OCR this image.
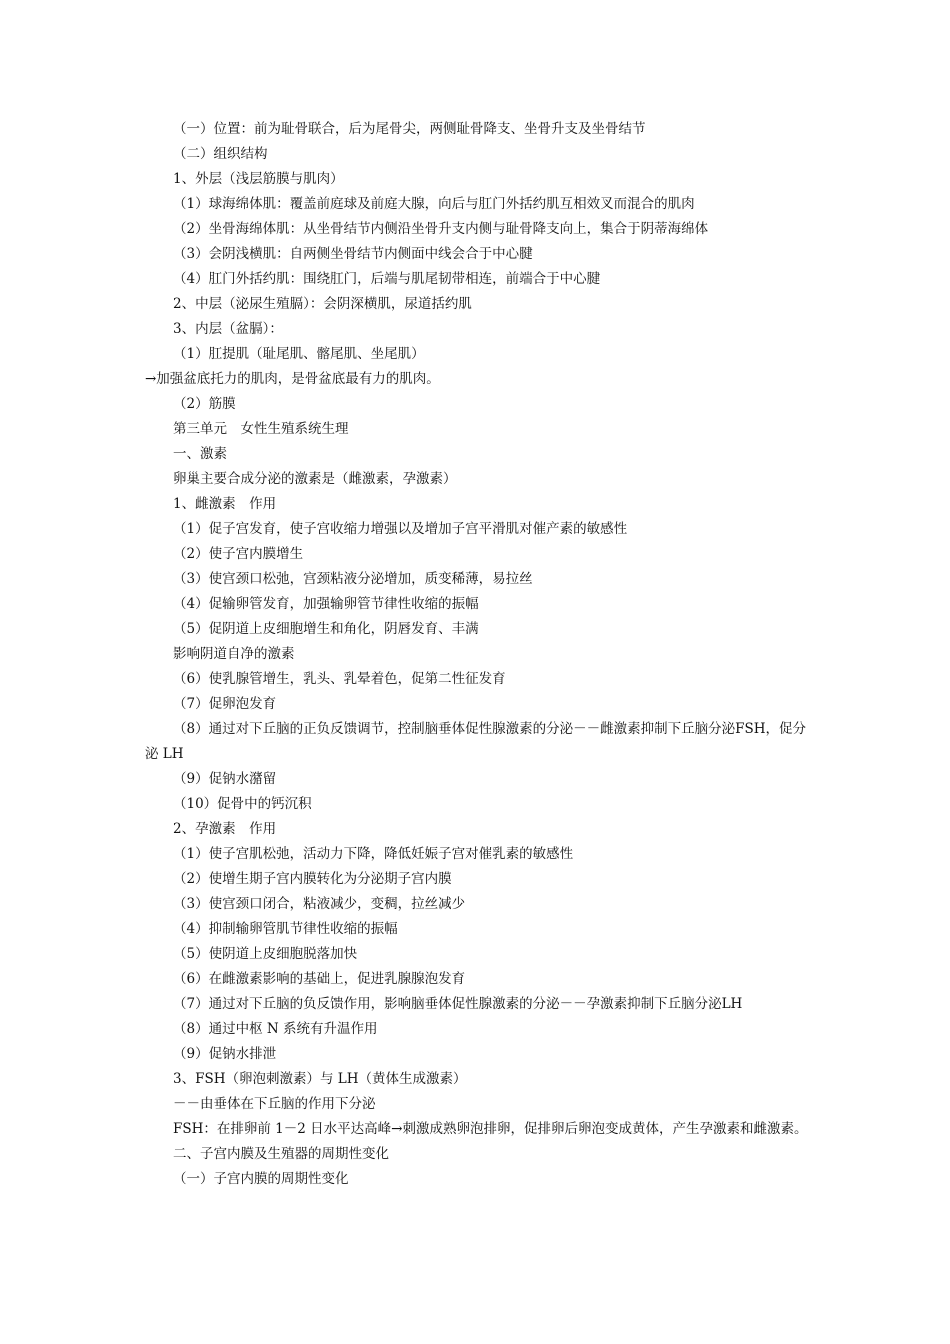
（一）位置：前为耻骨联合，后为尾骨尖，两侧耻骨降支、坐骨升支及坐骨结节
（二）组织结构
1、外层（浅层筋膜与肌肉）
（1）球海绵体肌：覆盖前庭球及前庭大腺，向后与肛门外括约肌互相效叉而混合的肌肉
（2）坐骨海绵体肌：从坐骨结节内侧沿坐骨升支内侧与耻骨降支向上，集合于阴蒂海绵体
（3）会阴浅横肌：自两侧坐骨结节内侧面中线会合于中心腱
（4）肛门外括约肌：围绕肛门，后端与肌尾韧带相连，前端合于中心腱
2、中层（泌尿生殖膈）：会阴深横肌，尿道括约肌
3、内层（盆膈）：
（1）肛提肌（耻尾肌、髂尾肌、坐尾肌）
→加强盆底托力的肌肉，是骨盆底最有力的肌肉。
（2）筋膜
第三单元　女性生殖系统生理
一、激素
卵巢主要合成分泌的激素是（雌激素，孕激素）
1、雌激素　作用
（1）促子宫发育，使子宫收缩力增强以及增加子宫平滑肌对催产素的敏感性
（2）使子宫内膜增生
（3）使宫颈口松弛，宫颈粘液分泌增加，质变稀薄，易拉丝
（4）促输卵管发育，加强输卵管节律性收缩的振幅
（5）促阴道上皮细胞增生和角化，阴唇发育、丰满
影响阴道自净的激素
（6）使乳腺管增生，乳头、乳晕着色，促第二性征发育
（7）促卵泡发育
（8）通过对下丘脑的正负反馈调节，控制脑垂体促性腺激素的分泌－－雌激素抑制下丘脑分泌FSH，促分泌 LH
（9）促钠水潴留
（10）促骨中的钙沉积
2、孕激素　作用
（1）使子宫肌松弛，活动力下降，降低妊娠子宫对催乳素的敏感性
（2）使增生期子宫内膜转化为分泌期子宫内膜
（3）使宫颈口闭合，粘液减少，变稠，拉丝减少
（4）抑制输卵管肌节律性收缩的振幅
（5）使阴道上皮细胞脱落加快
（6）在雌激素影响的基础上，促进乳腺腺泡发育
（7）通过对下丘脑的负反馈作用，影响脑垂体促性腺激素的分泌－－孕激素抑制下丘脑分泌LH
（8）通过中枢 N 系统有升温作用
（9）促钠水排泄
3、FSH（卵泡刺激素）与 LH（黄体生成激素）
－－由垂体在下丘脑的作用下分泌
FSH：在排卵前 1－2 日水平达高峰→刺激成熟卵泡排卵，促排卵后卵泡变成黄体，产生孕激素和雌激素。
二、子宫内膜及生殖器的周期性变化
（一）子宫内膜的周期性变化
